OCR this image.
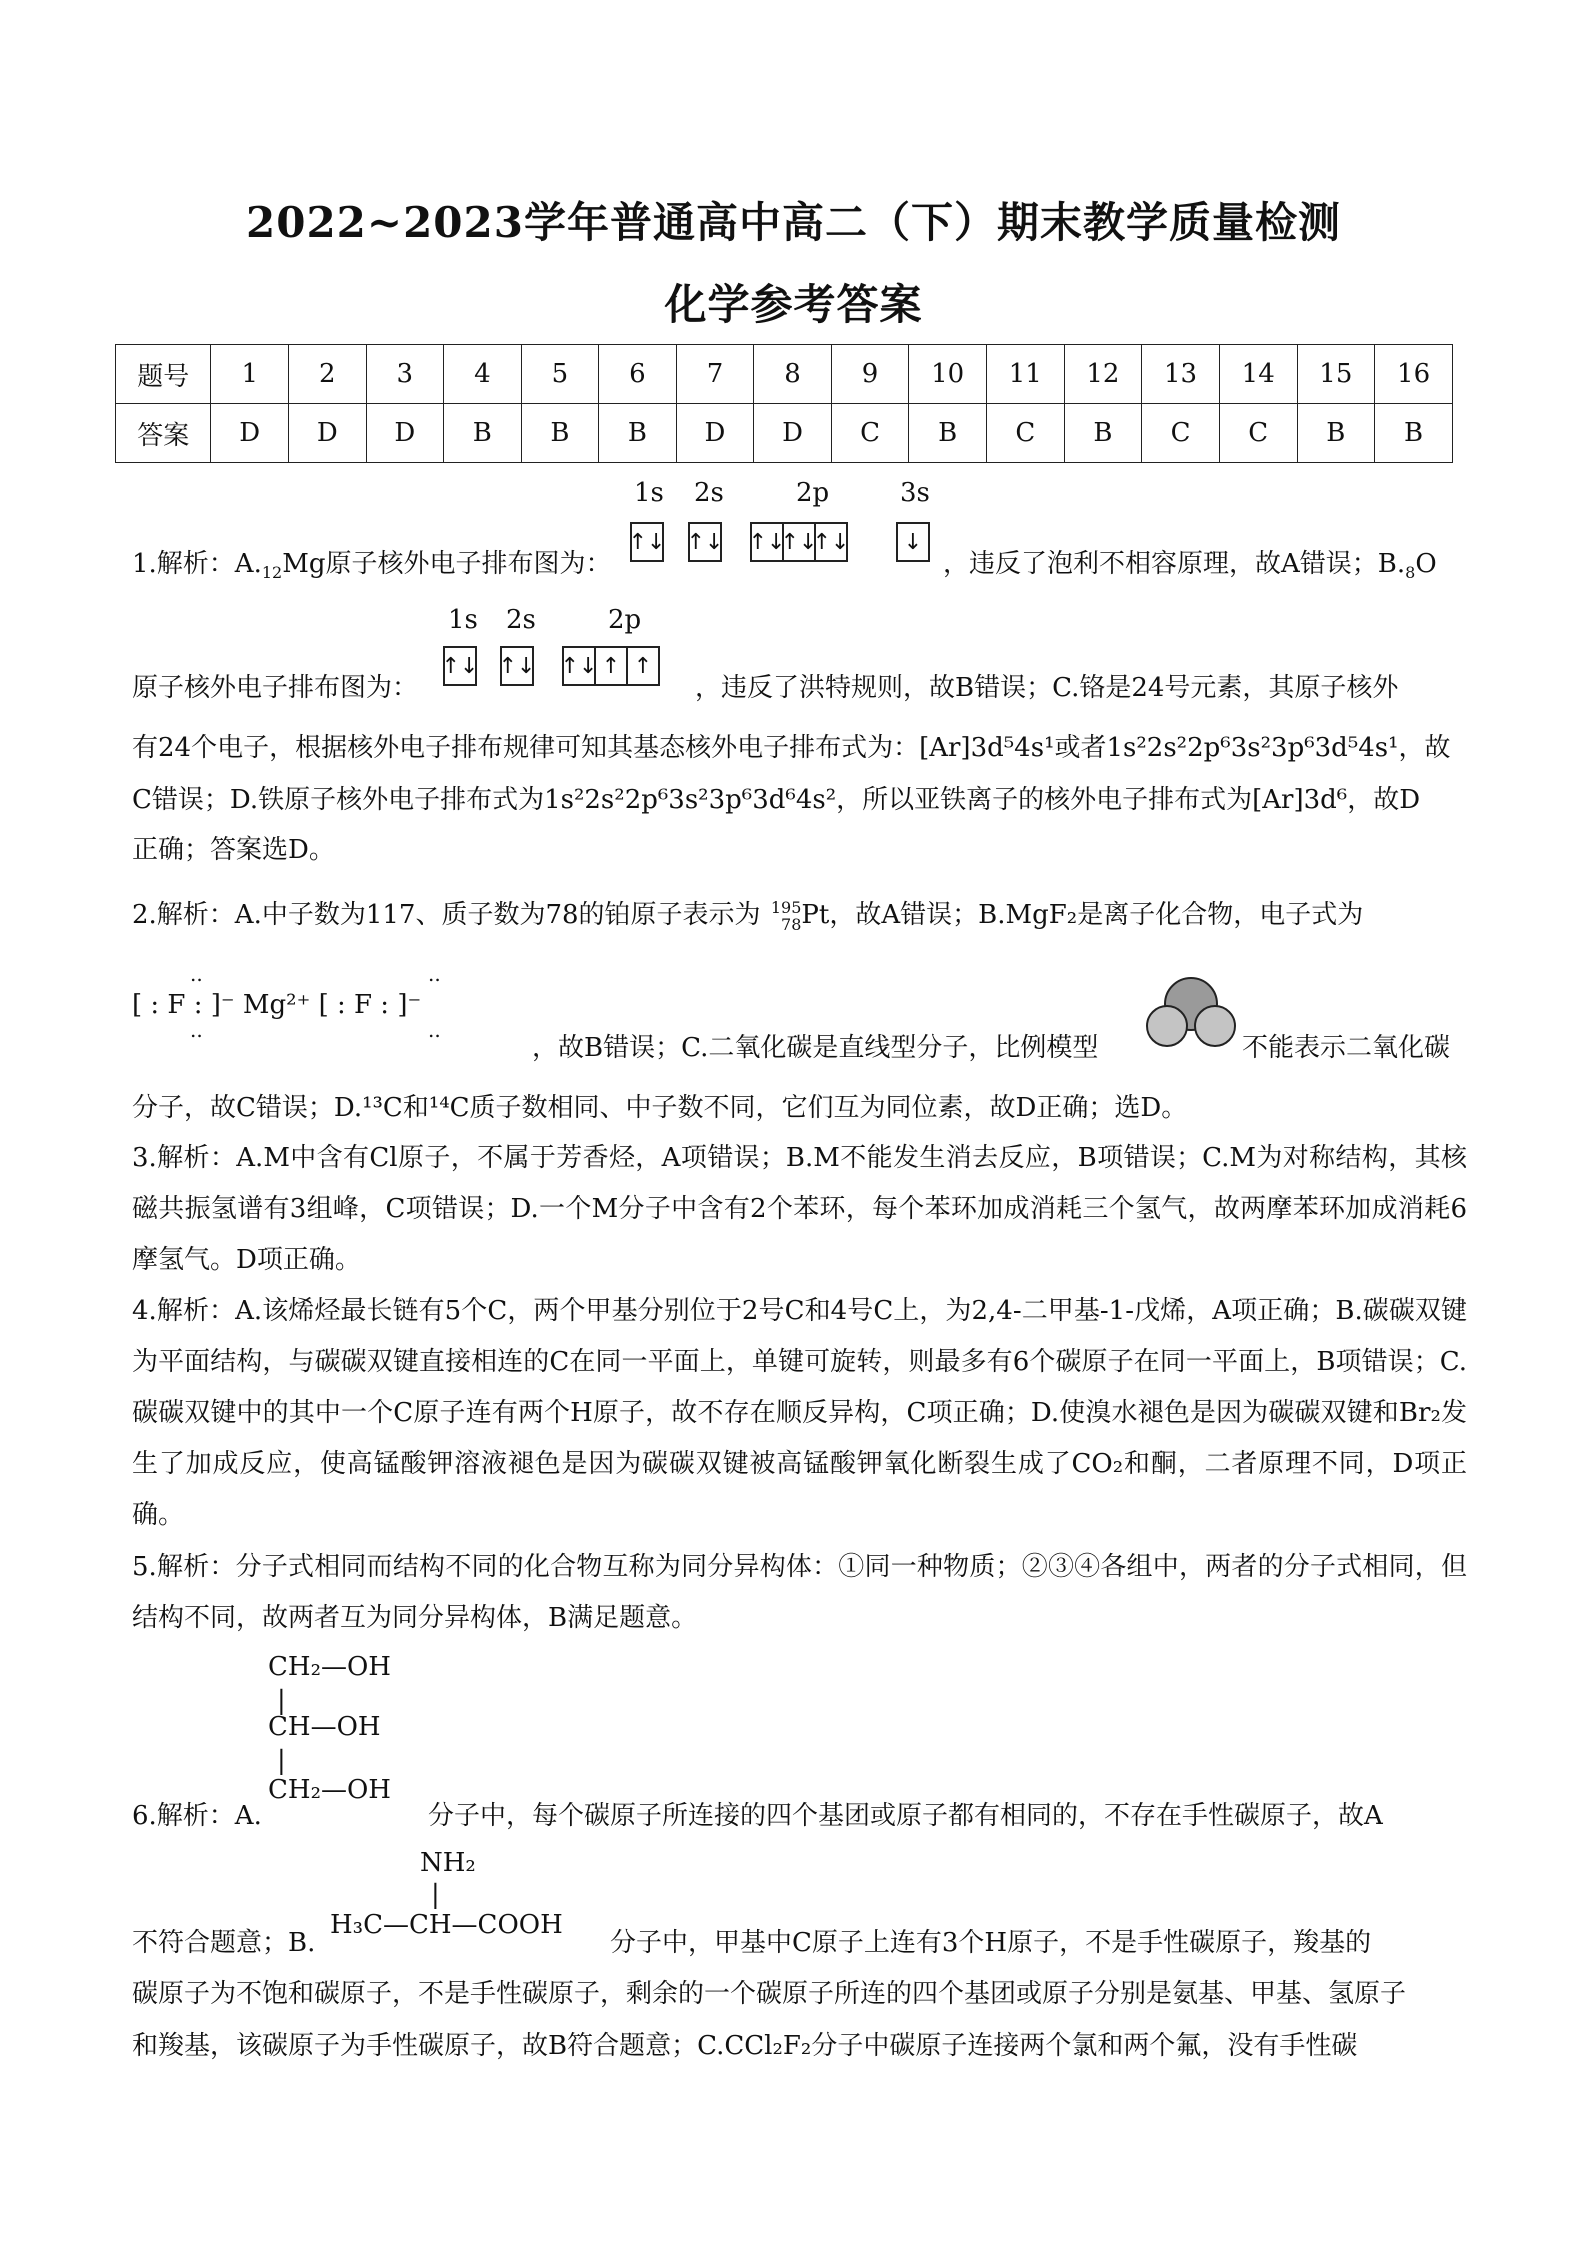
2022~2023学年普通高中高二（下）期末教学质量检测
化学参考答案
题号	1	2	3	4	5	6	7	8	9	10	11	12	13	14	15	16
答案	D	D	D	B	B	B	D	D	C	B	C	B	C	C	B	B
1s 2s	2p	3s
↑↓ ↑↓ ↑↓
↑↓
↑↓ ↓
1.解析：$A._{12}Mg$原子核外电子排布图为：	，违反了泡利不相容原理，故A错误；$B._8O$
1s 2s	2p
↑↓ ↑↓ ↑↓ ↑ ↑
原子核外电子排布图为：	，违反了洪特规则，故B错误；C.铬是24号元素，其原子核外
有24个电子，根据核外电子排布规律可知其基态核外电子排布式为：[Ar]3d⁵4s¹或者1s²2s²2p⁶3s²3p⁶3d⁵4s¹，故
C错误；D.铁原子核外电子排布式为1s²2s²2p⁶3s²3p⁶3d⁶4s²，所以亚铁离子的核外电子排布式为[Ar]3d⁶，故D
正确；答案选D。
2.解析：A.中子数为117、质子数为78的铂原子表示为 195
78Pt，故A错误；B.MgF₂是离子化合物，电子式为
[ : F : ]⁻ Mg²⁺ [ : F : ]⁻
..
..
..
..
，故B错误；C.二氧化碳是直线型分子，比例模型	不能表示二氧化碳
分子，故C错误；D.¹³C和¹⁴C质子数相同、中子数不同，它们互为同位素，故D正确；选D。
3.解析：A.M中含有Cl原子，不属于芳香烃，A项错误；B.M不能发生消去反应，B项错误；C.M为对称结构，其核磁共振氢谱有3组峰，C项错误；D.一个M分子中含有2个苯环，每个苯环加成消耗三个氢气，故两摩苯环加成消耗6摩氢气。D项正确。
4.解析：A.该烯烃最长链有5个C，两个甲基分别位于2号C和4号C上，为2,4-二甲基-1-戊烯，A项正确；B.碳碳双键为平面结构，与碳碳双键直接相连的C在同一平面上，单键可旋转，则最多有6个碳原子在同一平面上，B项错误；C.碳碳双键中的其中一个C原子连有两个H原子，故不存在顺反异构，C项正确；D.使溴水褪色是因为碳碳双键和Br₂发生了加成反应，使高锰酸钾溶液褪色是因为碳碳双键被高锰酸钾氧化断裂生成了CO₂和酮，二者原理不同，D项正确。
5.解析：分子式相同而结构不同的化合物互称为同分异构体：①同一种物质；②③④各组中，两者的分子式相同，但结构不同，故两者互为同分异构体，B满足题意。
CH₂—OH
|
CH—OH
|
CH₂—OH
6.解析：A.	分子中，每个碳原子所连接的四个基团或原子都有相同的，不存在手性碳原子，故A
NH₂
|
H₃C—CH—COOH
不符合题意；B.	分子中，甲基中C原子上连有3个H原子，不是手性碳原子，羧基的
碳原子为不饱和碳原子，不是手性碳原子，剩余的一个碳原子所连的四个基团或原子分别是氨基、甲基、氢原子
和羧基，该碳原子为手性碳原子，故B符合题意；C.CCl₂F₂分子中碳原子连接两个氯和两个氟，没有手性碳
